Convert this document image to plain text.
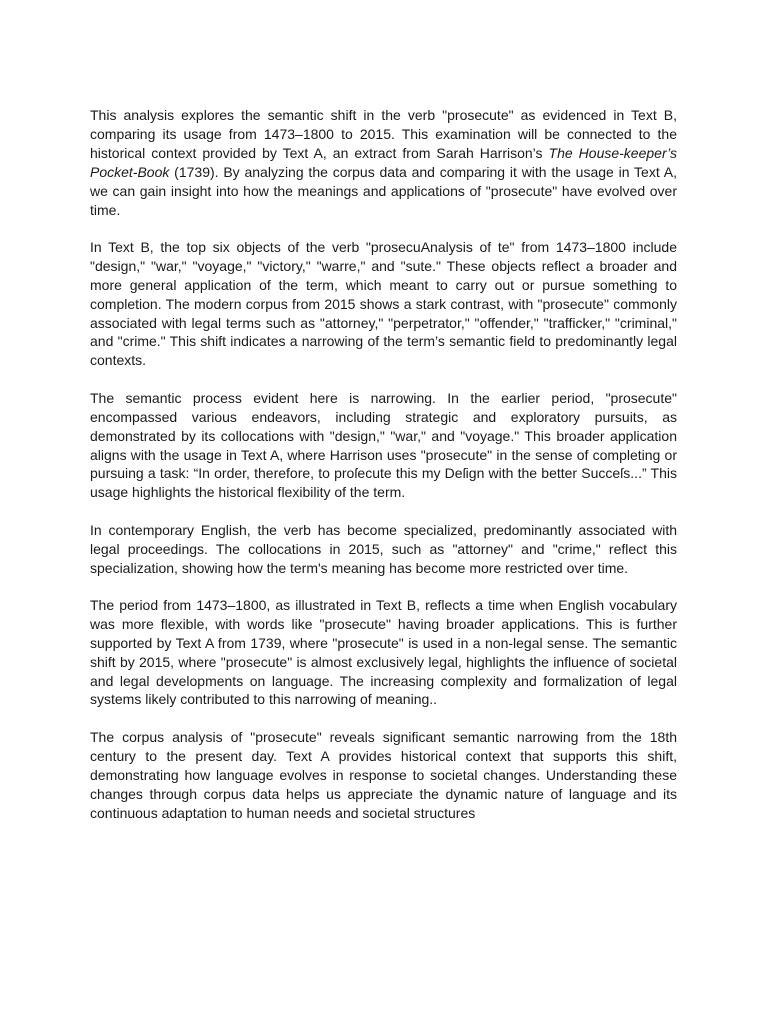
This analysis explores the semantic shift in the verb "prosecute" as evidenced in Text B, comparing its usage from 1473–1800 to 2015. This examination will be connected to the historical context provided by Text A, an extract from Sarah Harrison’s The House-keeper’s Pocket-Book (1739). By analyzing the corpus data and comparing it with the usage in Text A, we can gain insight into how the meanings and applications of "prosecute" have evolved over time.

In Text B, the top six objects of the verb "prosecuAnalysis of te" from 1473–1800 include "design," "war," "voyage," "victory," "warre," and "sute." These objects reflect a broader and more general application of the term, which meant to carry out or pursue something to completion. The modern corpus from 2015 shows a stark contrast, with "prosecute" commonly associated with legal terms such as "attorney," "perpetrator," "offender," "trafficker," "criminal," and "crime." This shift indicates a narrowing of the term’s semantic field to predominantly legal contexts.

The semantic process evident here is narrowing. In the earlier period, "prosecute" encompassed various endeavors, including strategic and exploratory pursuits, as demonstrated by its collocations with "design," "war," and "voyage." This broader application aligns with the usage in Text A, where Harrison uses "prosecute" in the sense of completing or pursuing a task: “In order, therefore, to proſecute this my Deſign with the better Succeſs...” This usage highlights the historical flexibility of the term.

In contemporary English, the verb has become specialized, predominantly associated with legal proceedings. The collocations in 2015, such as "attorney" and "crime," reflect this specialization, showing how the term's meaning has become more restricted over time.

The period from 1473–1800, as illustrated in Text B, reflects a time when English vocabulary was more flexible, with words like "prosecute" having broader applications. This is further supported by Text A from 1739, where "prosecute" is used in a non-legal sense. The semantic shift by 2015, where "prosecute" is almost exclusively legal, highlights the influence of societal and legal developments on language. The increasing complexity and formalization of legal systems likely contributed to this narrowing of meaning..

The corpus analysis of "prosecute" reveals significant semantic narrowing from the 18th century to the present day. Text A provides historical context that supports this shift, demonstrating how language evolves in response to societal changes. Understanding these changes through corpus data helps us appreciate the dynamic nature of language and its continuous adaptation to human needs and societal structures
